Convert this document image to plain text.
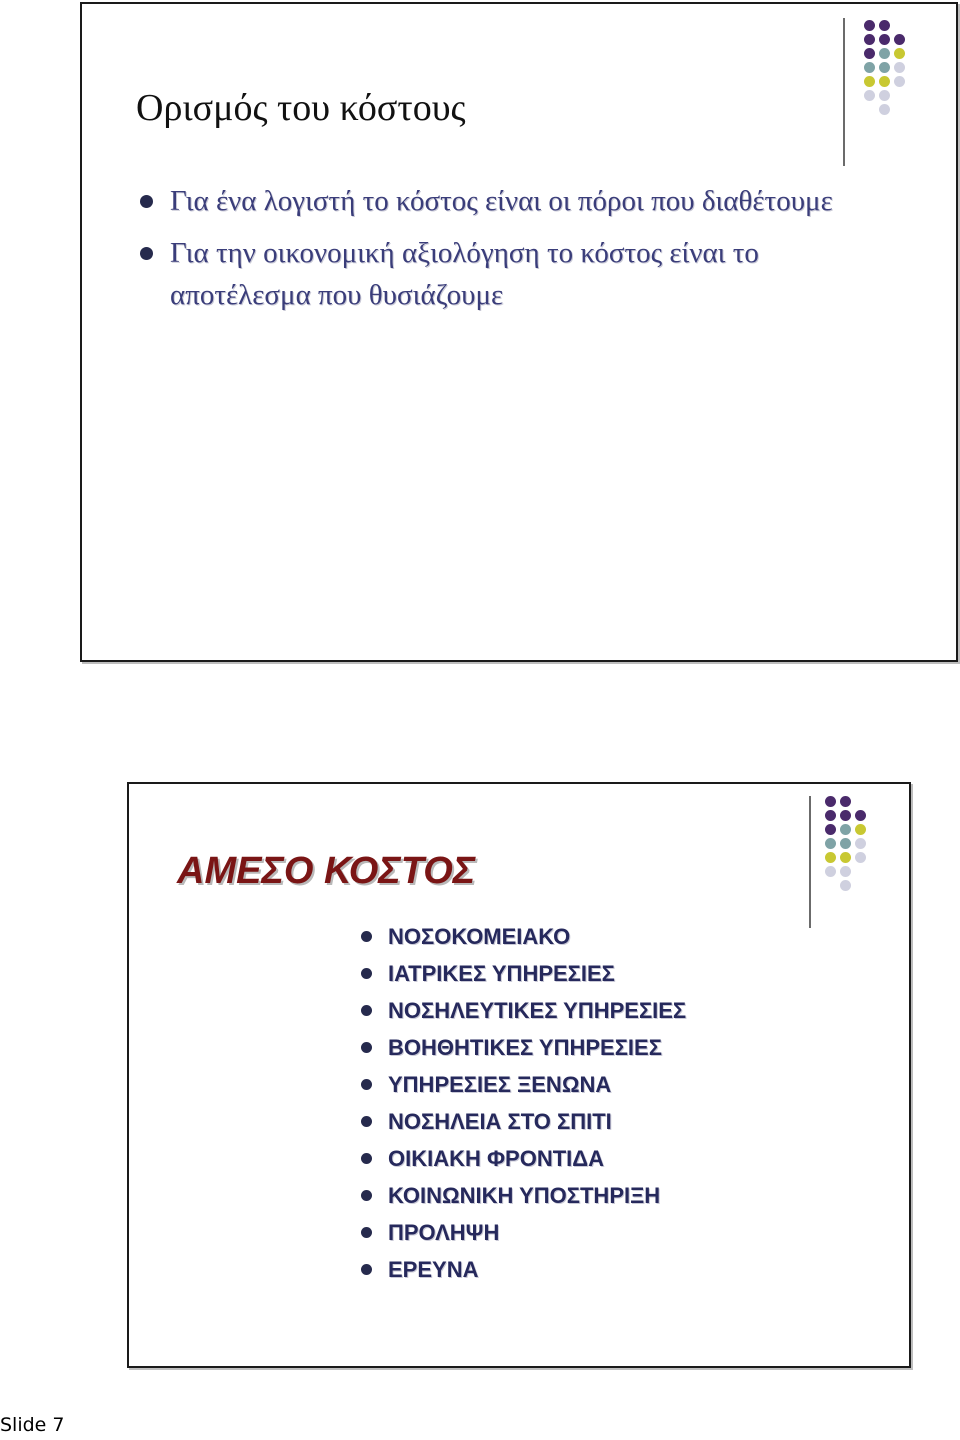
Ορισμός του κόστους
Για ένα λογιστή το κόστος είναι οι πόροι που διαθέτουμε
Για την οικονομική αξιολόγηση το κόστος είναι το αποτέλεσμα που θυσιάζουμε
ΑΜΕΣΟ ΚΟΣΤΟΣ
ΝΟΣΟΚΟΜΕΙΑΚΟ
ΙΑΤΡΙΚΕΣ ΥΠΗΡΕΣΙΕΣ
ΝΟΣΗΛΕΥΤΙΚΕΣ ΥΠΗΡΕΣΙΕΣ
ΒΟΗΘΗΤΙΚΕΣ ΥΠΗΡΕΣΙΕΣ
ΥΠΗΡΕΣΙΕΣ ΞΕΝΩΝΑ
ΝΟΣΗΛΕΙΑ ΣΤΟ ΣΠΙΤΙ
ΟΙΚΙΑΚΗ ΦΡΟΝΤΙΔΑ
ΚΟΙΝΩΝΙΚΗ ΥΠΟΣΤΗΡΙΞΗ
ΠΡΟΛΗΨΗ
ΕΡΕΥΝΑ
Slide 7
